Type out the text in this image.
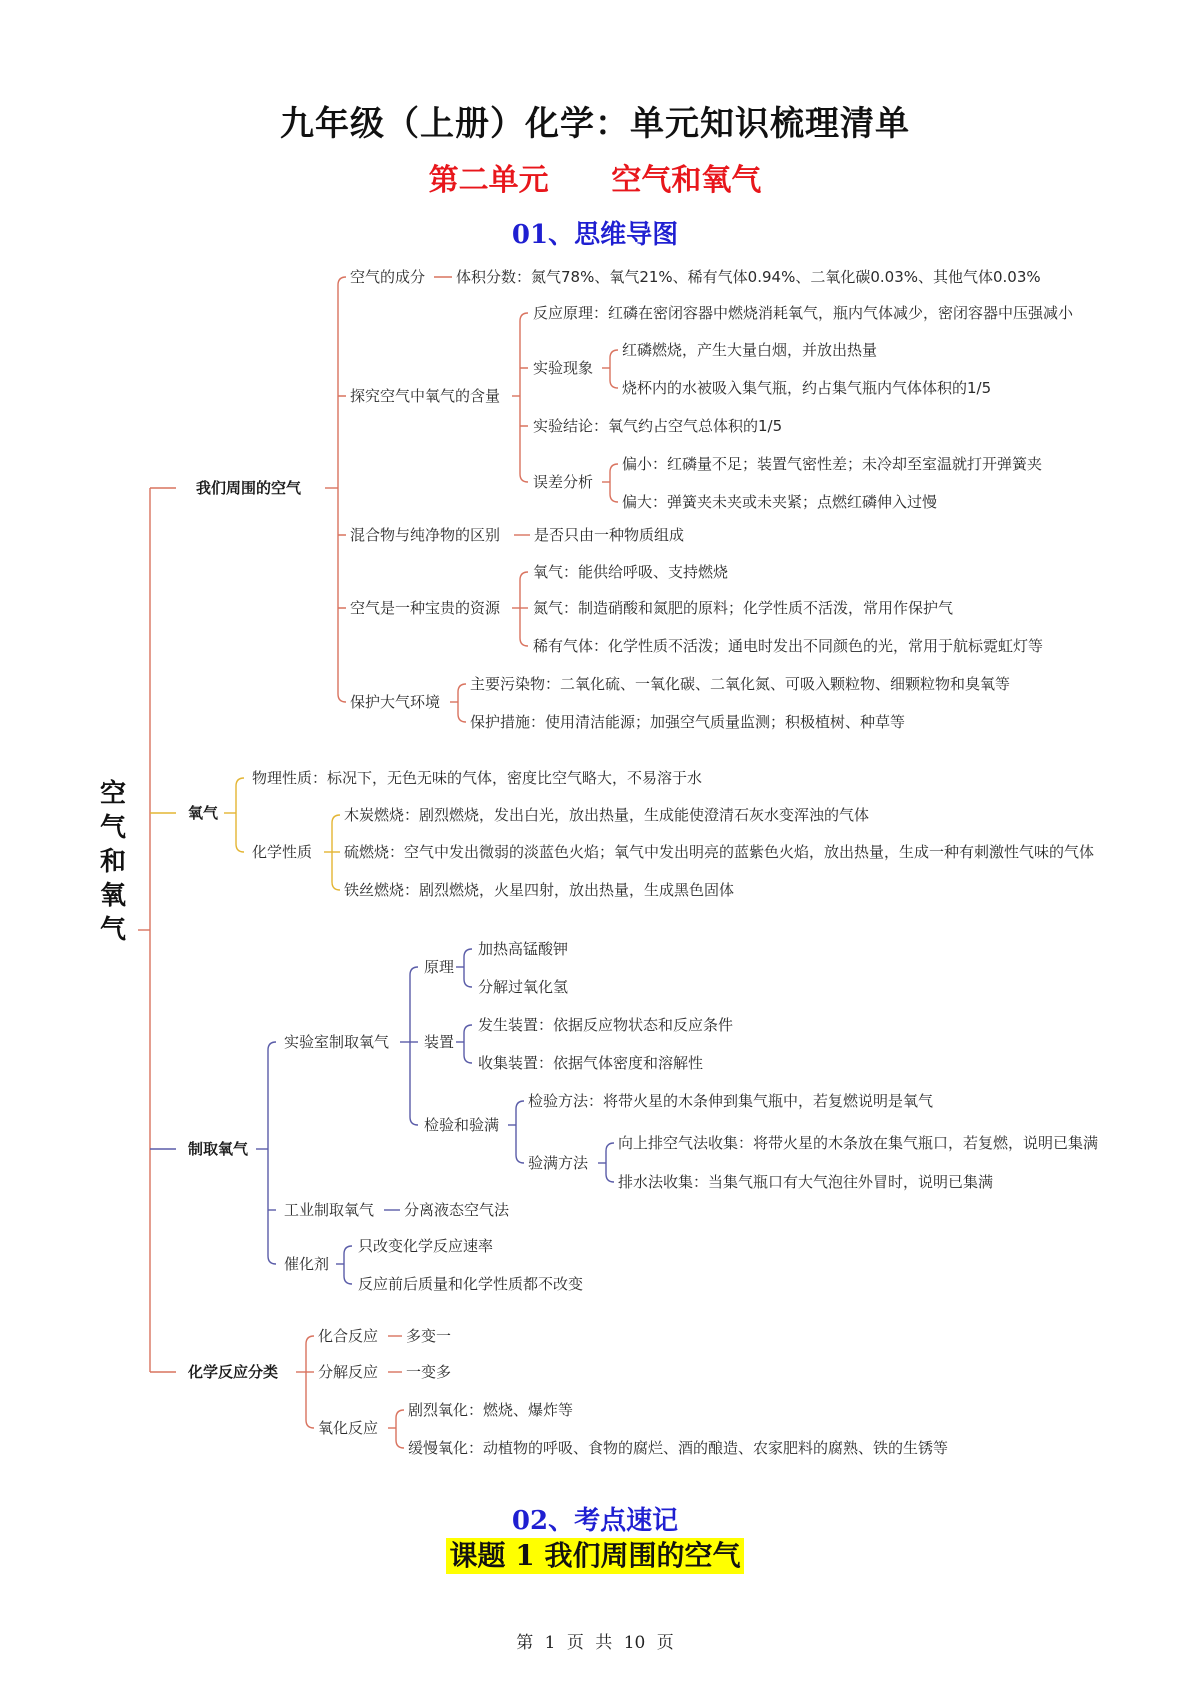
九年级（上册）化学：单元知识梳理清单
第二单元      空气和氧气
01、思维导图
空气和氧气
我们周围的空气
空气的成分 体积分数：氮气78%、氧气21%、稀有气体0.94%、二氧化碳0.03%、其他气体0.03%
探究空气中氧气的含量
反应原理：红磷在密闭容器中燃烧消耗氧气，瓶内气体减少，密闭容器中压强减小
实验现象
红磷燃烧，产生大量白烟，并放出热量
烧杯内的水被吸入集气瓶，约占集气瓶内气体体积的1/5
实验结论：氧气约占空气总体积的1/5
误差分析
偏小：红磷量不足；装置气密性差；未冷却至室温就打开弹簧夹
偏大：弹簧夹未夹或未夹紧；点燃红磷伸入过慢
混合物与纯净物的区别 是否只由一种物质组成
空气是一种宝贵的资源
氧气：能供给呼吸、支持燃烧
氮气：制造硝酸和氮肥的原料；化学性质不活泼，常用作保护气
稀有气体：化学性质不活泼；通电时发出不同颜色的光，常用于航标霓虹灯等
保护大气环境
主要污染物：二氧化硫、一氧化碳、二氧化氮、可吸入颗粒物、细颗粒物和臭氧等
保护措施：使用清洁能源；加强空气质量监测；积极植树、种草等
氧气
物理性质：标况下，无色无味的气体，密度比空气略大，不易溶于水
化学性质
木炭燃烧：剧烈燃烧，发出白光，放出热量，生成能使澄清石灰水变浑浊的气体
硫燃烧：空气中发出微弱的淡蓝色火焰；氧气中发出明亮的蓝紫色火焰，放出热量，生成一种有刺激性气味的气体
铁丝燃烧：剧烈燃烧，火星四射，放出热量，生成黑色固体
制取氧气
实验室制取氧气
原理
加热高锰酸钾
分解过氧化氢
装置
发生装置：依据反应物状态和反应条件
收集装置：依据气体密度和溶解性
检验和验满
检验方法：将带火星的木条伸到集气瓶中，若复燃说明是氧气
验满方法
向上排空气法收集：将带火星的木条放在集气瓶口，若复燃，说明已集满
排水法收集：当集气瓶口有大气泡往外冒时，说明已集满
工业制取氧气 分离液态空气法
催化剂
只改变化学反应速率
反应前后质量和化学性质都不改变
化学反应分类
化合反应 多变一
分解反应 一变多
氧化反应
剧烈氧化：燃烧、爆炸等
缓慢氧化：动植物的呼吸、食物的腐烂、酒的酿造、农家肥料的腐熟、铁的生锈等
02、考点速记
课题 1 我们周围的空气
第 1 页 共 10 页
